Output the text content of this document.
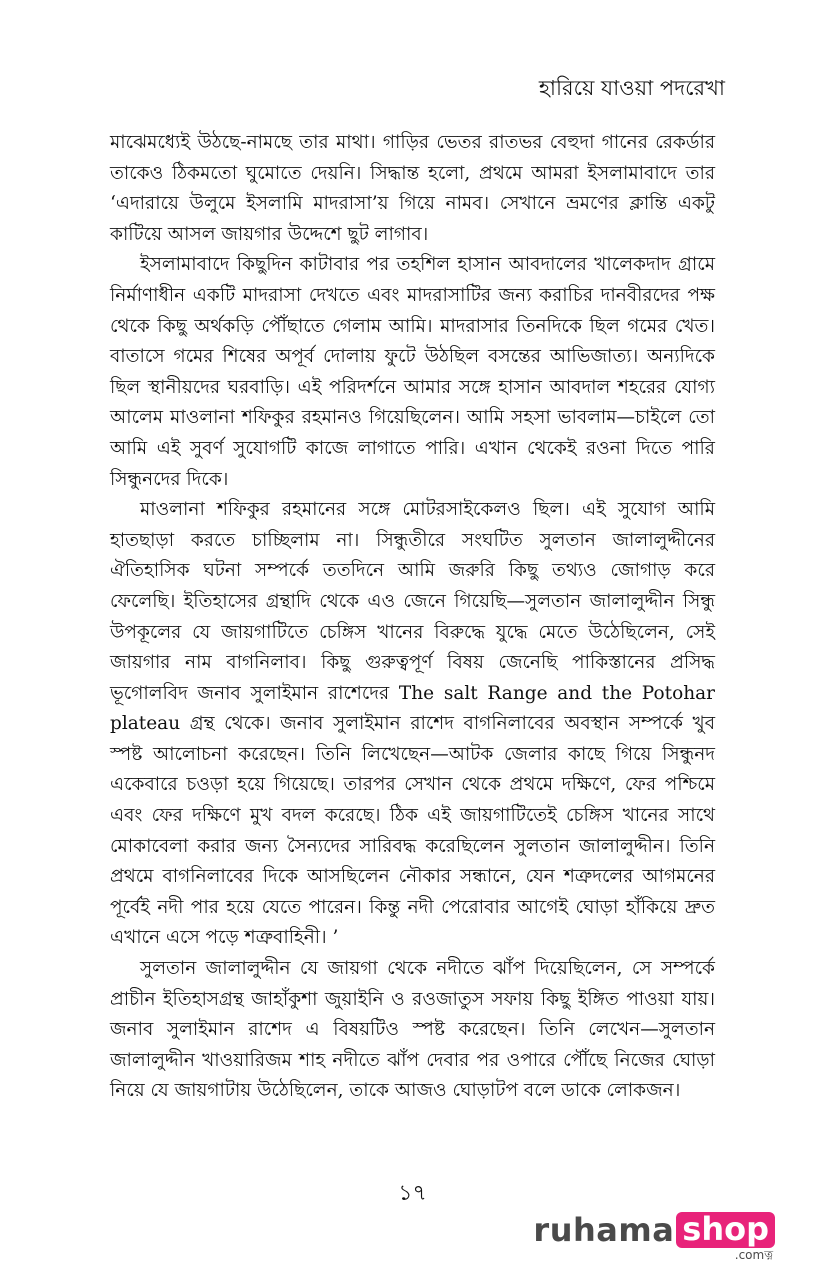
হারিয়ে যাওয়া পদরেখা

মাঝেমধ্যেই উঠছে-নামছে তার মাথা। গাড়ির ভেতর রাতভর বেহুদা গানের রেকর্ডার তাকেও ঠিকমতো ঘুমোতে দেয়নি। সিদ্ধান্ত হলো, প্রথমে আমরা ইসলামাবাদে তার ‘এদারায়ে উলুমে ইসলামি মাদরাসা’য় গিয়ে নামব। সেখানে ভ্রমণের ক্লান্তি একটু কাটিয়ে আসল জায়গার উদ্দেশে ছুট লাগাব।

ইসলামাবাদে কিছুদিন কাটাবার পর তহশিল হাসান আবদালের খালেকদাদ গ্রামে নির্মাণাধীন একটি মাদরাসা দেখতে এবং মাদরাসাটির জন্য করাচির দানবীরদের পক্ষ থেকে কিছু অর্থকড়ি পৌঁছাতে গেলাম আমি। মাদরাসার তিনদিকে ছিল গমের খেত। বাতাসে গমের শিষের অপূর্ব দোলায় ফুটে উঠছিল বসন্তের আভিজাত্য। অন্যদিকে ছিল স্থানীয়দের ঘরবাড়ি। এই পরিদর্শনে আমার সঙ্গে হাসান আবদাল শহরের যোগ্য আলেম মাওলানা শফিকুর রহমানও গিয়েছিলেন। আমি সহসা ভাবলাম—চাইলে তো আমি এই সুবর্ণ সুযোগটি কাজে লাগাতে পারি। এখান থেকেই রওনা দিতে পারি সিন্ধুনদের দিকে।

মাওলানা শফিকুর রহমানের সঙ্গে মোটরসাইকেলও ছিল। এই সুযোগ আমি হাতছাড়া করতে চাচ্ছিলাম না। সিন্ধুতীরে সংঘটিত সুলতান জালালুদ্দীনের ঐতিহাসিক ঘটনা সম্পর্কে ততদিনে আমি জরুরি কিছু তথ্যও জোগাড় করে ফেলেছি। ইতিহাসের গ্রন্থাদি থেকে এও জেনে গিয়েছি—সুলতান জালালুদ্দীন সিন্ধু উপকূলের যে জায়গাটিতে চেঙ্গিস খানের বিরুদ্ধে যুদ্ধে মেতে উঠেছিলেন, সেই জায়গার নাম বাগনিলাব। কিছু গুরুত্বপূর্ণ বিষয় জেনেছি পাকিস্তানের প্রসিদ্ধ ভূগোলবিদ জনাব সুলাইমান রাশেদের The salt Range and the Potohar plateau গ্রন্থ থেকে। জনাব সুলাইমান রাশেদ বাগনিলাবের অবস্থান সম্পর্কে খুব স্পষ্ট আলোচনা করেছেন। তিনি লিখেছেন—আটক জেলার কাছে গিয়ে সিন্ধুনদ একেবারে চওড়া হয়ে গিয়েছে। তারপর সেখান থেকে প্রথমে দক্ষিণে, ফের পশ্চিমে এবং ফের দক্ষিণে মুখ বদল করেছে। ঠিক এই জায়গাটিতেই চেঙ্গিস খানের সাথে মোকাবেলা করার জন্য সৈন্যদের সারিবদ্ধ করেছিলেন সুলতান জালালুদ্দীন। তিনি প্রথমে বাগনিলাবের দিকে আসছিলেন নৌকার সন্ধানে, যেন শত্রুদলের আগমনের পূর্বেই নদী পার হয়ে যেতে পারেন। কিন্তু নদী পেরোবার আগেই ঘোড়া হাঁকিয়ে দ্রুত এখানে এসে পড়ে শত্রুবাহিনী। ’

সুলতান জালালুদ্দীন যে জায়গা থেকে নদীতে ঝাঁপ দিয়েছিলেন, সে সম্পর্কে প্রাচীন ইতিহাসগ্রন্থ জাহাঁকুশা জুয়াইনি ও রওজাতুস সফায় কিছু ইঙ্গিত পাওয়া যায়। জনাব সুলাইমান রাশেদ এ বিষয়টিও স্পষ্ট করেছেন। তিনি লেখেন—সুলতান জালালুদ্দীন খাওয়ারিজম শাহ নদীতে ঝাঁপ দেবার পর ওপারে পৌঁছে নিজের ঘোড়া নিয়ে যে জায়গাটায় উঠেছিলেন, তাকে আজও ঘোড়াটপ বলে ডাকে লোকজন।

১৭
ruhama shop
.comত্ন
